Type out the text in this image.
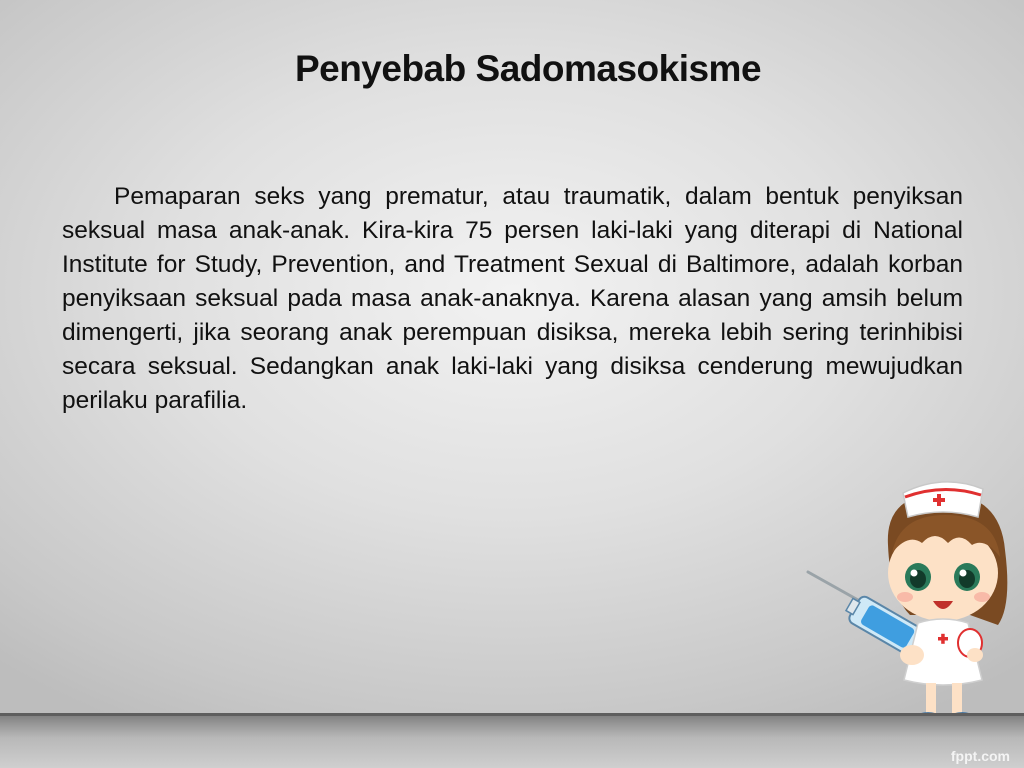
Penyebab Sadomasokisme

Pemaparan seks yang prematur, atau traumatik, dalam bentuk penyiksan seksual masa anak-anak. Kira-kira 75 persen laki-laki yang diterapi di National Institute for Study, Prevention, and Treatment Sexual di Baltimore, adalah korban penyiksaan seksual pada masa anak-anaknya. Karena alasan yang amsih belum dimengerti, jika seorang anak perempuan disiksa, mereka lebih sering terinhibisi secara seksual. Sedangkan anak laki-laki yang disiksa cenderung mewujudkan perilaku parafilia.

fppt.com
